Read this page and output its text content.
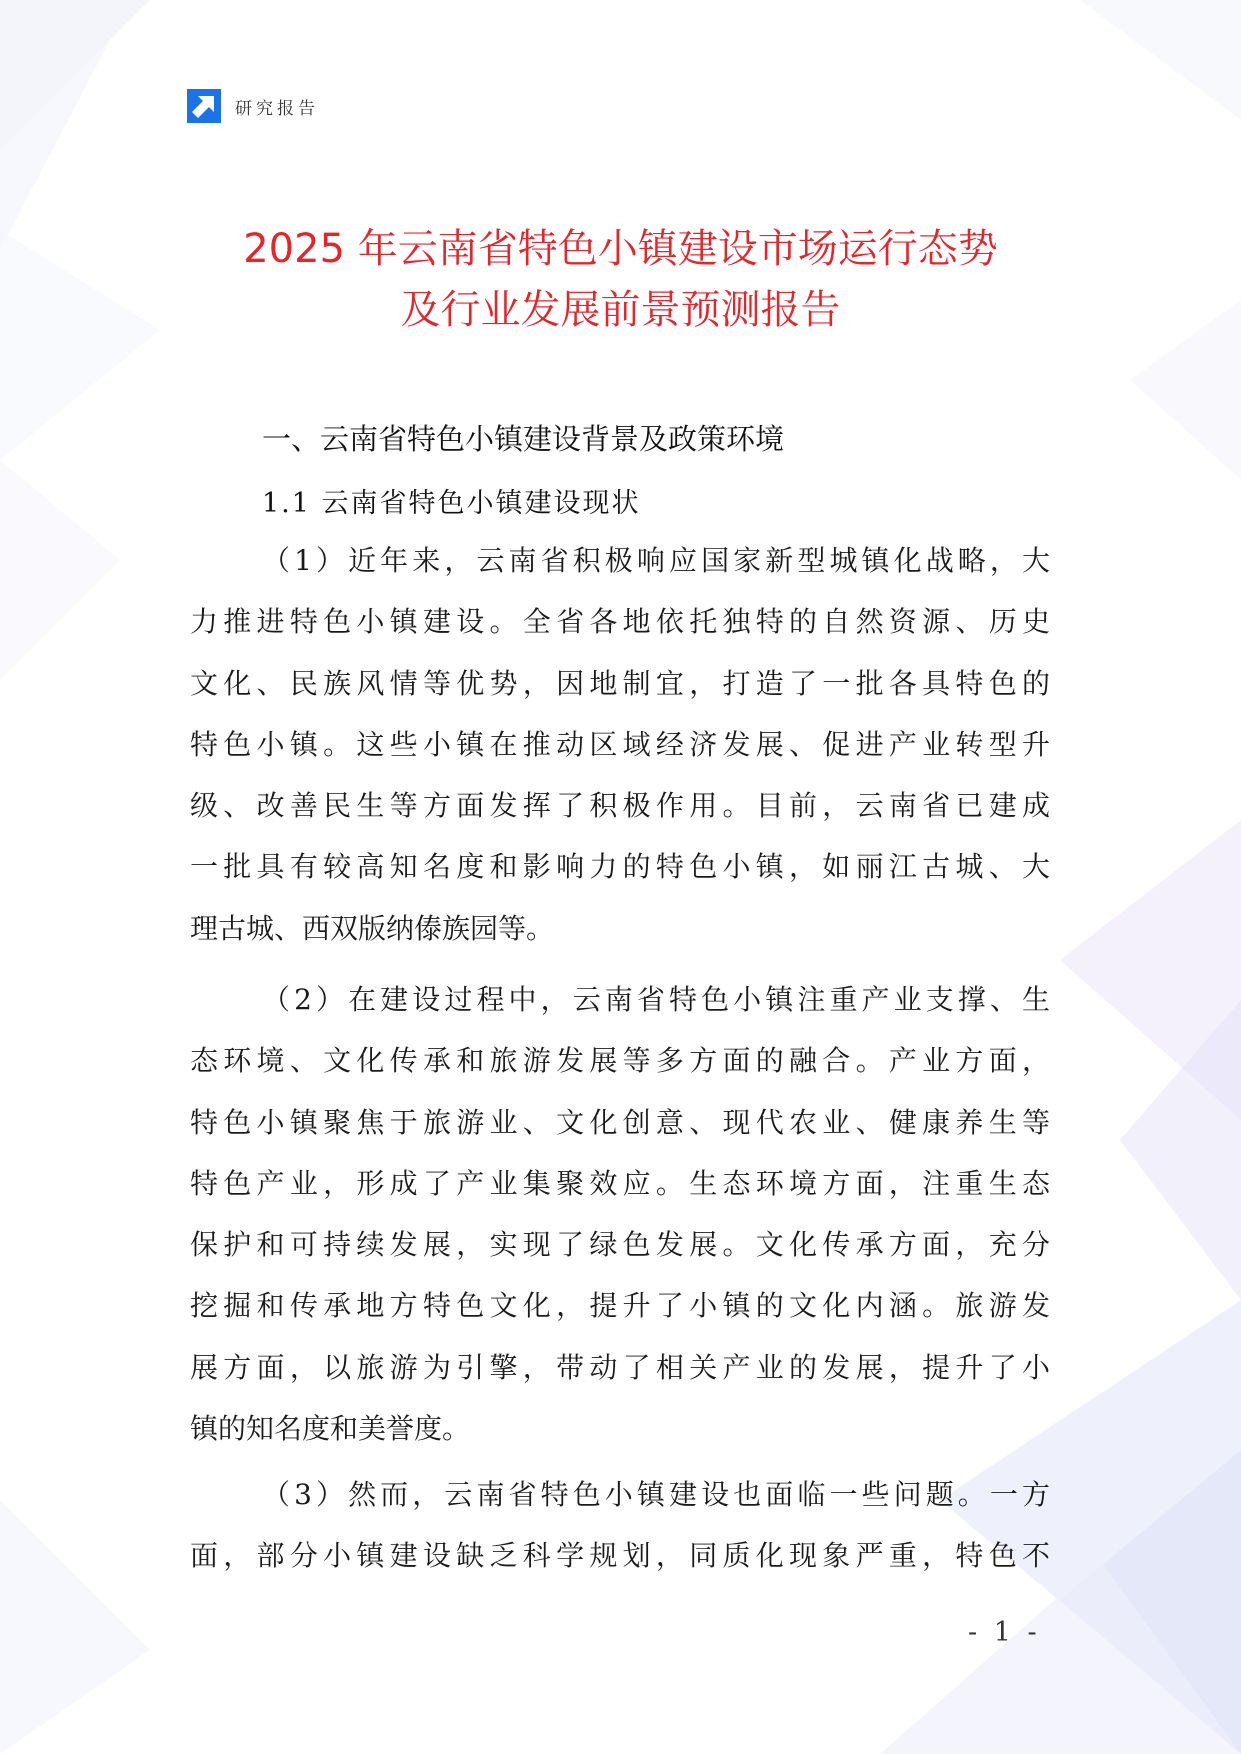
研究报告
2025 年云南省特色小镇建设市场运行态势
及行业发展前景预测报告
一、云南省特色小镇建设背景及政策环境
1.1 云南省特色小镇建设现状
（1）近年来，云南省积极响应国家新型城镇化战略，大
力推进特色小镇建设。全省各地依托独特的自然资源、历史
文化、民族风情等优势，因地制宜，打造了一批各具特色的
特色小镇。这些小镇在推动区域经济发展、促进产业转型升
级、改善民生等方面发挥了积极作用。目前，云南省已建成
一批具有较高知名度和影响力的特色小镇，如丽江古城、大
理古城、西双版纳傣族园等。
（2）在建设过程中，云南省特色小镇注重产业支撑、生
态环境、文化传承和旅游发展等多方面的融合。产业方面，
特色小镇聚焦于旅游业、文化创意、现代农业、健康养生等
特色产业，形成了产业集聚效应。生态环境方面，注重生态
保护和可持续发展，实现了绿色发展。文化传承方面，充分
挖掘和传承地方特色文化，提升了小镇的文化内涵。旅游发
展方面，以旅游为引擎，带动了相关产业的发展，提升了小
镇的知名度和美誉度。
（3）然而，云南省特色小镇建设也面临一些问题。一方
面，部分小镇建设缺乏科学规划，同质化现象严重，特色不
- 1 -
